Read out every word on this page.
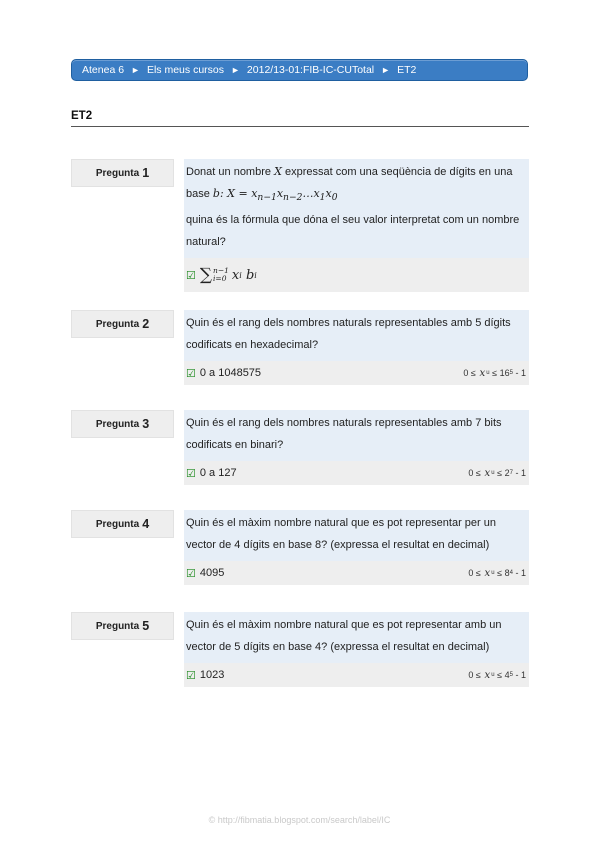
Atenea 6 ► Els meus cursos ► 2012/13-01:FIB-IC-CUTotal ► ET2
ET2
Pregunta 1	Donat un nombre X expressat com una seqüència de dígits en una base b: $X = x_{n-1}x_{n-2}\dots x_1x_0$
quina és la fórmula que dóna el seu valor interpretat com un nombre natural?
☑ ∑ n−1
i=0 x i
b i
Pregunta 2	Quin és el rang dels nombres naturals representables amb 5 dígits codificats en hexadecimal?
☑ 0 a 1048575	0
≤
x u
≤
16 5
- 1
Pregunta 3	Quin és el rang dels nombres naturals representables amb 7 bits codificats en binari?
☑ 0 a 127	0
≤
x u
≤
2 7
- 1
Pregunta 4	Quin és el màxim nombre natural que es pot representar per un vector de 4 dígits en base 8? (expressa el resultat en decimal)
☑ 4095	0
≤
x u
≤
8 4
- 1
Pregunta 5	Quin és el màxim nombre natural que es pot representar amb un vector de 5 dígits en base 4? (expressa el resultat en decimal)
☑ 1023	0
≤
x u
≤
4 5
- 1
© http://fibmatia.blogspot.com/search/label/IC
